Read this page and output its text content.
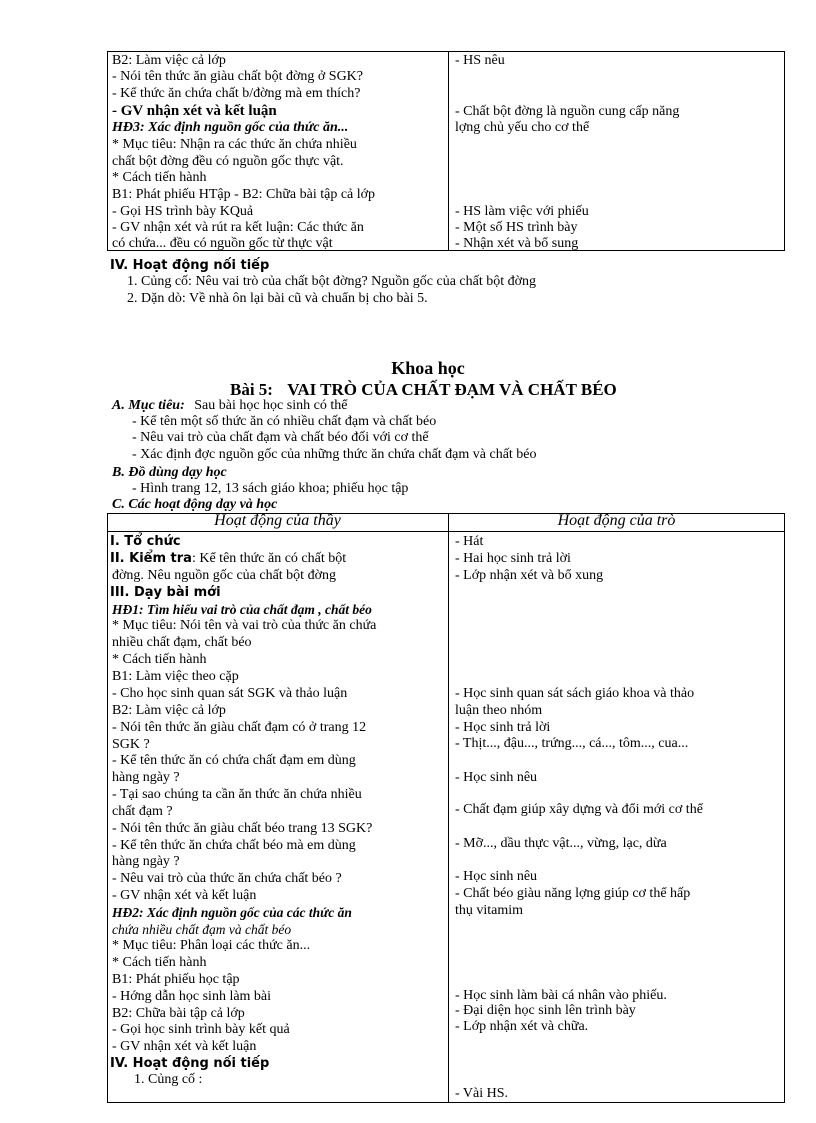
B2: Làm việc cả lớp
- Nói tên thức ăn giàu chất bột đờng ở SGK?
- Kể thức ăn chứa chất b/đờng mà em thích?
- GV nhận xét và kết luận
HĐ3: Xác định nguồn gốc của thức ăn...
* Mục tiêu: Nhận ra các thức ăn chứa nhiều
chất bột đờng đều có nguồn gốc thực vật.
* Cách tiến hành
B1: Phát phiếu HTập - B2: Chữa bài tập cả lớp
- Gọi HS trình bày KQuả
- GV nhận xét và rút ra kết luận: Các thức ăn
có chứa... đều có nguồn gốc từ thực vật
- HS nêu
- Chất bột đờng là nguồn cung cấp năng
lợng chủ yếu cho cơ thể
- HS làm việc với phiếu
- Một số HS trình bày
- Nhận xét và bổ sung
IV. Hoạt động nối tiếp
1. Củng cố: Nêu vai trò của chất bột đờng? Nguồn gốc của chất bột đờng
2. Dặn dò: Về nhà ôn lại bài cũ và chuẩn bị cho bài 5.
Khoa học
Bài 5: VAI TRÒ CỦA CHẤT ĐẠM VÀ CHẤT BÉO
A. Mục tiêu: Sau bài học học sinh có thể
- Kể tên một số thức ăn có nhiều chất đạm và chất béo
- Nêu vai trò của chất đạm và chất béo đối với cơ thể
- Xác định đợc nguồn gốc của những thức ăn chứa chất đạm và chất béo
B. Đồ dùng dạy học
- Hình trang 12, 13 sách giáo khoa; phiếu học tập
C. Các hoạt động dạy và học
Hoạt động của thầy	Hoạt động của trò
I. Tổ chức
II. Kiểm tra: Kể tên thức ăn có chất bột
đờng. Nêu nguồn gốc của chất bột đờng
III. Dạy bài mới
HĐ1: Tìm hiểu vai trò của chất đạm , chất béo
* Mục tiêu: Nói tên và vai trò của thức ăn chứa
nhiều chất đạm, chất béo
* Cách tiến hành
B1: Làm việc theo cặp
- Cho học sinh quan sát SGK và thảo luận
B2: Làm việc cả lớp
- Nói tên thức ăn giàu chất đạm có ở trang 12
SGK ?
- Kể tên thức ăn có chứa chất đạm em dùng
hàng ngày ?
- Tại sao chúng ta cần ăn thức ăn chứa nhiều
chất đạm ?
- Nói tên thức ăn giàu chất béo trang 13 SGK?
- Kể tên thức ăn chứa chất béo mà em dùng
hàng ngày ?
- Nêu vai trò của thức ăn chứa chất béo ?
- GV nhận xét và kết luận
HĐ2: Xác định nguồn gốc của các thức ăn
chứa nhiều chất đạm và chất béo
* Mục tiêu: Phân loại các thức ăn...
* Cách tiến hành
B1: Phát phiếu học tập
- Hớng dẫn học sinh làm bài
B2: Chữa bài tập cả lớp
- Gọi học sinh trình bày kết quả
- GV nhận xét và kết luận
IV. Hoạt động nối tiếp
1. Củng cố :
- Hát
- Hai học sinh trả lời
- Lớp nhận xét và bổ xung
- Học sinh quan sát sách giáo khoa và thảo
luận theo nhóm
- Học sinh trả lời
- Thịt..., đậu..., trứng..., cá..., tôm..., cua...
- Học sinh nêu
- Chất đạm giúp xây dựng và đổi mới cơ thể
- Mỡ..., dầu thực vật..., vừng, lạc, dừa
- Học sinh nêu
- Chất béo giàu năng lợng giúp cơ thể hấp
thụ vitamim
- Học sinh làm bài cá nhân vào phiếu.
- Đại diện học sinh lên trình bày
- Lớp nhận xét và chữa.
- Vài HS.
